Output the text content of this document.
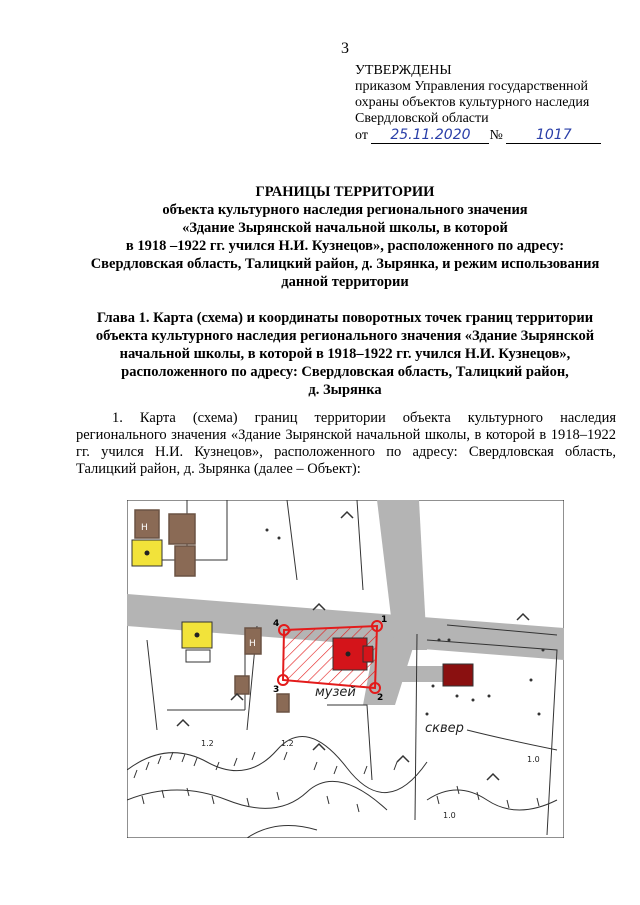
3
УТВЕРЖДЕНЫ
приказом Управления государственной
охраны объектов культурного наследия
Свердловской области
от 25.11.2020 № 1017
ГРАНИЦЫ ТЕРРИТОРИИ
объекта культурного наследия регионального значения
«Здание Зырянской начальной школы, в которой
в 1918 –1922 гг. учился Н.И. Кузнецов», расположенного по адресу:
Свердловская область, Талицкий район, д. Зырянка, и режим использования
данной территории
Глава 1. Карта (схема) и координаты поворотных точек границ территории
объекта культурного наследия регионального значения «Здание Зырянской
начальной школы, в которой в 1918–1922 гг. учился Н.И. Кузнецов»,
расположенного по адресу: Свердловская область, Талицкий район,
д. Зырянка
1. Карта (схема) границ территории объекта культурного наследия регионального значения «Здание Зырянской начальной школы, в которой в 1918–1922 гг. учился Н.И. Кузнецов», расположенного по адресу: Свердловская область, Талицкий район, д. Зырянка (далее – Объект):
Н
Н
1
2
3
4
музей
сквер
1.2	1.2
1.0
1.0
